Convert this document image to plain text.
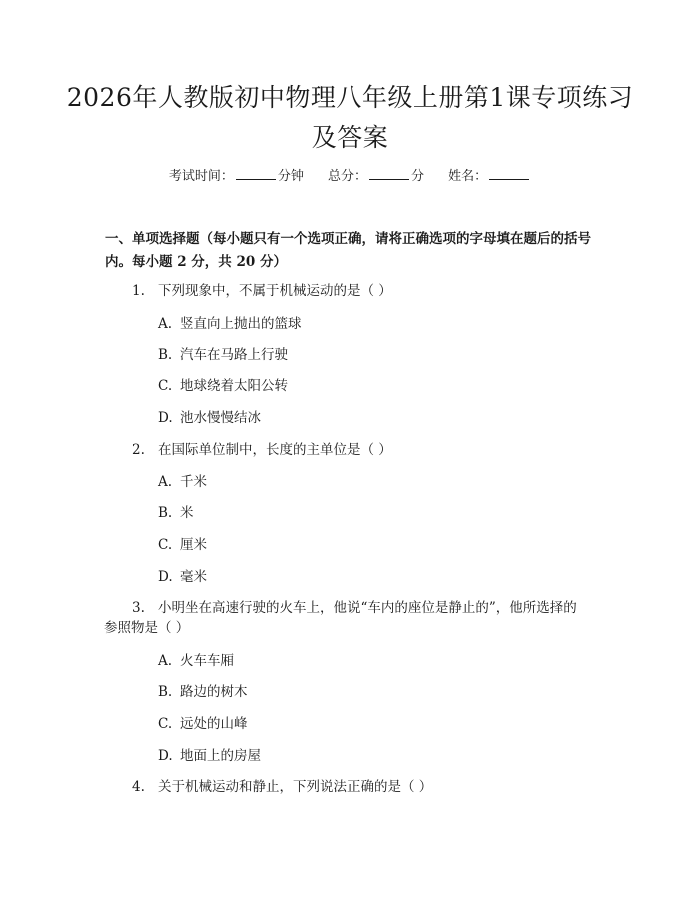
2026年人教版初中物理八年级上册第1课专项练习及答案
考试时间：	分钟 总分：	分 姓名：
一、单项选择题（每小题只有一个选项正确，请将正确选项的字母填在题后的括号内。每小题 2 分，共 20 分）
1. 下列现象中，不属于机械运动的是（ ）
A. 竖直向上抛出的篮球
B. 汽车在马路上行驶
C. 地球绕着太阳公转
D. 池水慢慢结冰
2. 在国际单位制中，长度的主单位是（ ）
A. 千米
B. 米
C. 厘米
D. 毫米
3. 小明坐在高速行驶的火车上，他说“车内的座位是静止的”，他所选择的
参照物是（ ）
A. 火车车厢
B. 路边的树木
C. 远处的山峰
D. 地面上的房屋
4. 关于机械运动和静止，下列说法正确的是（ ）
